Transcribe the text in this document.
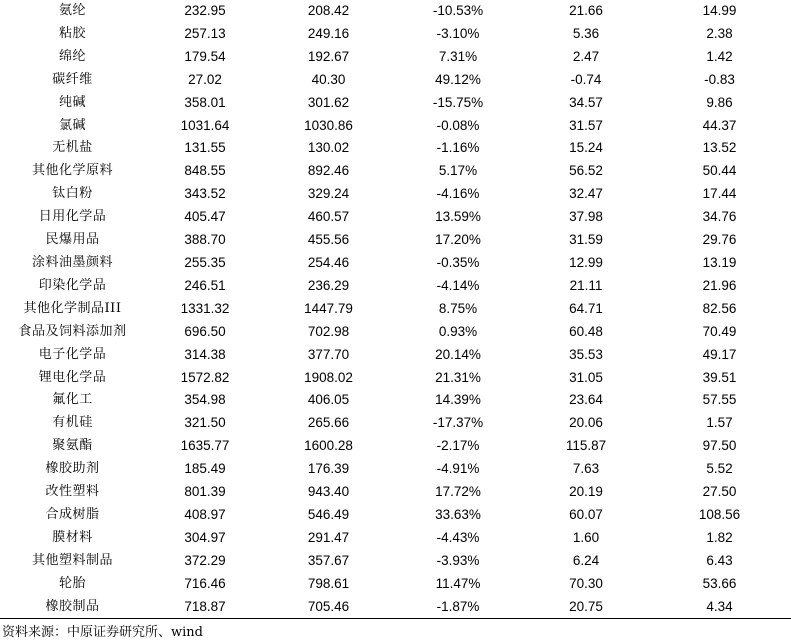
氨纶	232.95	208.42	-10.53%	21.66	14.99	
粘胶	257.13	249.16	-3.10%	5.36	2.38	
绵纶	179.54	192.67	7.31%	2.47	1.42	
碳纤维	27.02	40.30	49.12%	-0.74	-0.83	
纯碱	358.01	301.62	-15.75%	34.57	9.86	
氯碱	1031.64	1030.86	-0.08%	31.57	44.37	
无机盐	131.55	130.02	-1.16%	15.24	13.52	
其他化学原料	848.55	892.46	5.17%	56.52	50.44	
钛白粉	343.52	329.24	-4.16%	32.47	17.44	
日用化学品	405.47	460.57	13.59%	37.98	34.76	
民爆用品	388.70	455.56	17.20%	31.59	29.76	
涂料油墨颜料	255.35	254.46	-0.35%	12.99	13.19	
印染化学品	246.51	236.29	-4.14%	21.11	21.96	
其他化学制品III	1331.32	1447.79	8.75%	64.71	82.56	
食品及饲料添加剂	696.50	702.98	0.93%	60.48	70.49	
电子化学品	314.38	377.70	20.14%	35.53	49.17	
锂电化学品	1572.82	1908.02	21.31%	31.05	39.51	
氟化工	354.98	406.05	14.39%	23.64	57.55	
有机硅	321.50	265.66	-17.37%	20.06	1.57	
聚氨酯	1635.77	1600.28	-2.17%	115.87	97.50	
橡胶助剂	185.49	176.39	-4.91%	7.63	5.52	
改性塑料	801.39	943.40	17.72%	20.19	27.50	
合成树脂	408.97	546.49	33.63%	60.07	108.56	
膜材料	304.97	291.47	-4.43%	1.60	1.82	
其他塑料制品	372.29	357.67	-3.93%	6.24	6.43	
轮胎	716.46	798.61	11.47%	70.30	53.66	
橡胶制品	718.87	705.46	-1.87%	20.75	4.34	
资料来源：中原证券研究所、wind
